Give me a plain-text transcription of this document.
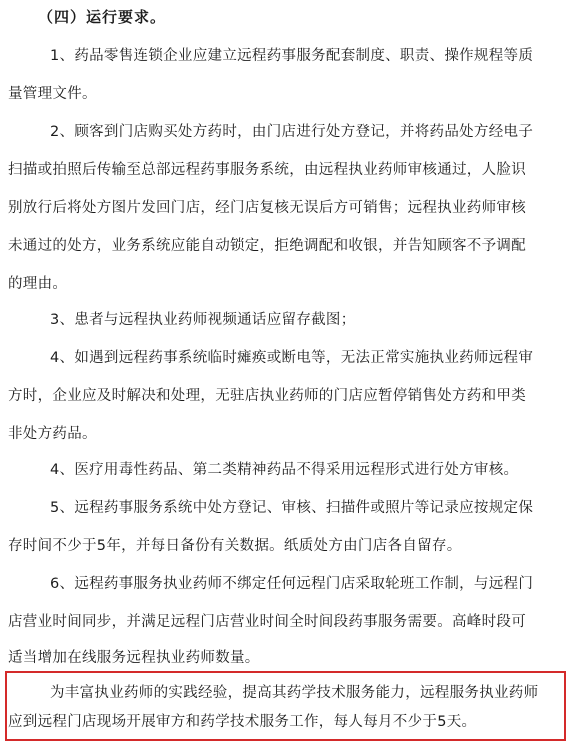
（四）运行要求。
1、药品零售连锁企业应建立远程药事服务配套制度、职责、操作规程等质
量管理文件。
2、顾客到门店购买处方药时，由门店进行处方登记，并将药品处方经电子
扫描或拍照后传输至总部远程药事服务系统，由远程执业药师审核通过，人脸识
别放行后将处方图片发回门店，经门店复核无误后方可销售；远程执业药师审核
未通过的处方，业务系统应能自动锁定，拒绝调配和收银，并告知顾客不予调配
的理由。
3、患者与远程执业药师视频通话应留存截图；
4、如遇到远程药事系统临时瘫痪或断电等，无法正常实施执业药师远程审
方时，企业应及时解决和处理，无驻店执业药师的门店应暂停销售处方药和甲类
非处方药品。
4、医疗用毒性药品、第二类精神药品不得采用远程形式进行处方审核。
5、远程药事服务系统中处方登记、审核、扫描件或照片等记录应按规定保
存时间不少于5年，并每日备份有关数据。纸质处方由门店各自留存。
6、远程药事服务执业药师不绑定任何远程门店采取轮班工作制，与远程门
店营业时间同步，并满足远程门店营业时间全时间段药事服务需要。高峰时段可
适当增加在线服务远程执业药师数量。
为丰富执业药师的实践经验，提高其药学技术服务能力，远程服务执业药师
应到远程门店现场开展审方和药学技术服务工作，每人每月不少于5天。
